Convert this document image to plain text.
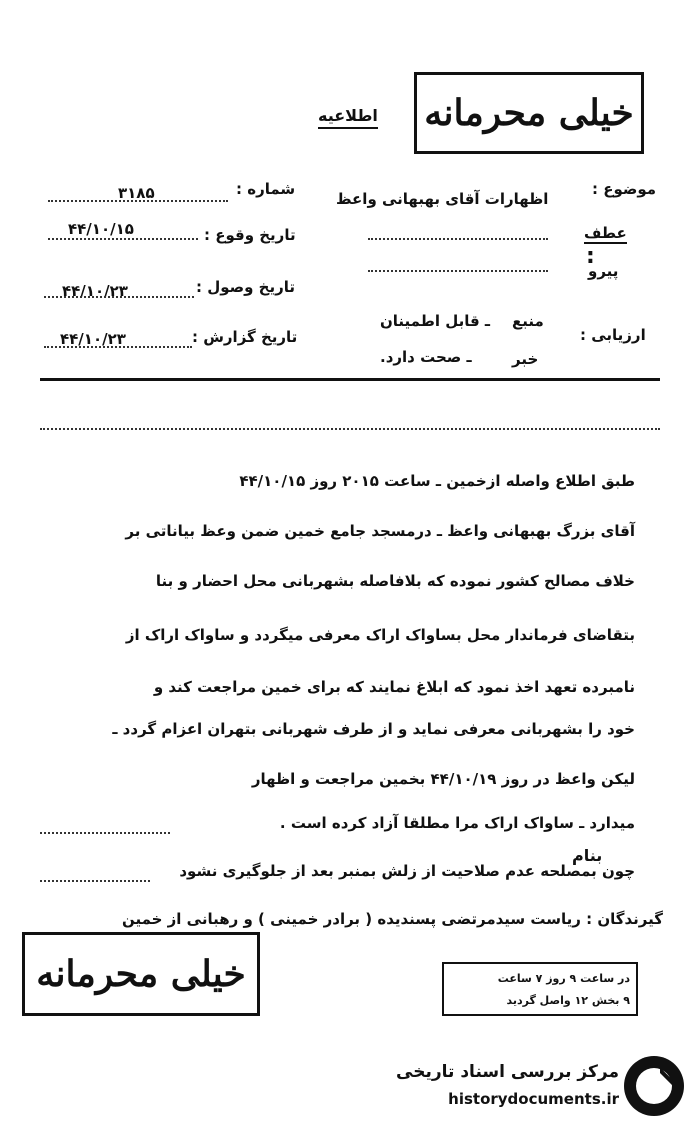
خیلی محرمانه
اطلاعیه
موضوع :
اظهارات آقای بهبهانی واعظ
عطف
پیرو
:
ارزیابی :
منبع
ـ قابل اطمینان
خبر
ـ صحت دارد.
شماره :
۳۱۸۵
تاریخ وقوع :
۴۴/۱۰/۱۵
تاریخ وصول :
۴۴/۱۰/۲۳
تاریخ گزارش :
۴۴/۱۰/۲۳
طبق اطلاع واصله ازخمین ـ ساعت ۲۰۱۵ روز ۴۴/۱۰/۱۵
آقای بزرگ بهبهانی واعظ ـ درمسجد جامع خمین ضمن وعظ بیاناتی بر
خلاف مصالح کشور نموده که بلافاصله بشهربانی محل احضار و بنا
بتقاضای فرماندار محل بساواک اراک معرفی میگردد و ساواک اراک از
نامبرده تعهد اخذ نمود که ابلاغ نمایند که برای خمین مراجعت کند و
خود را بشهربانی معرفی نماید و از طرف شهربانی بتهران اعزام گردد ـ
لیکن واعظ در روز ۴۴/۱۰/۱۹ بخمین مراجعت و اظهار
میدارد ـ ساواک اراک مرا مطلقا آزاد کرده است .
بنام
چون بمصلحه عدم صلاحیت از زلش بمنبر بعد از جلوگیری نشود
گیرندگان : ریاست سیدمرتضی پسندیده ( برادر خمینی ) و رهبانی از خمین
خیلی محرمانه	در ساعت ۹ روز ۷ ساعت
۹ بخش ۱۲ واصل گردید
مرکز بررسی اسناد تاریخی
historydocuments.ir
